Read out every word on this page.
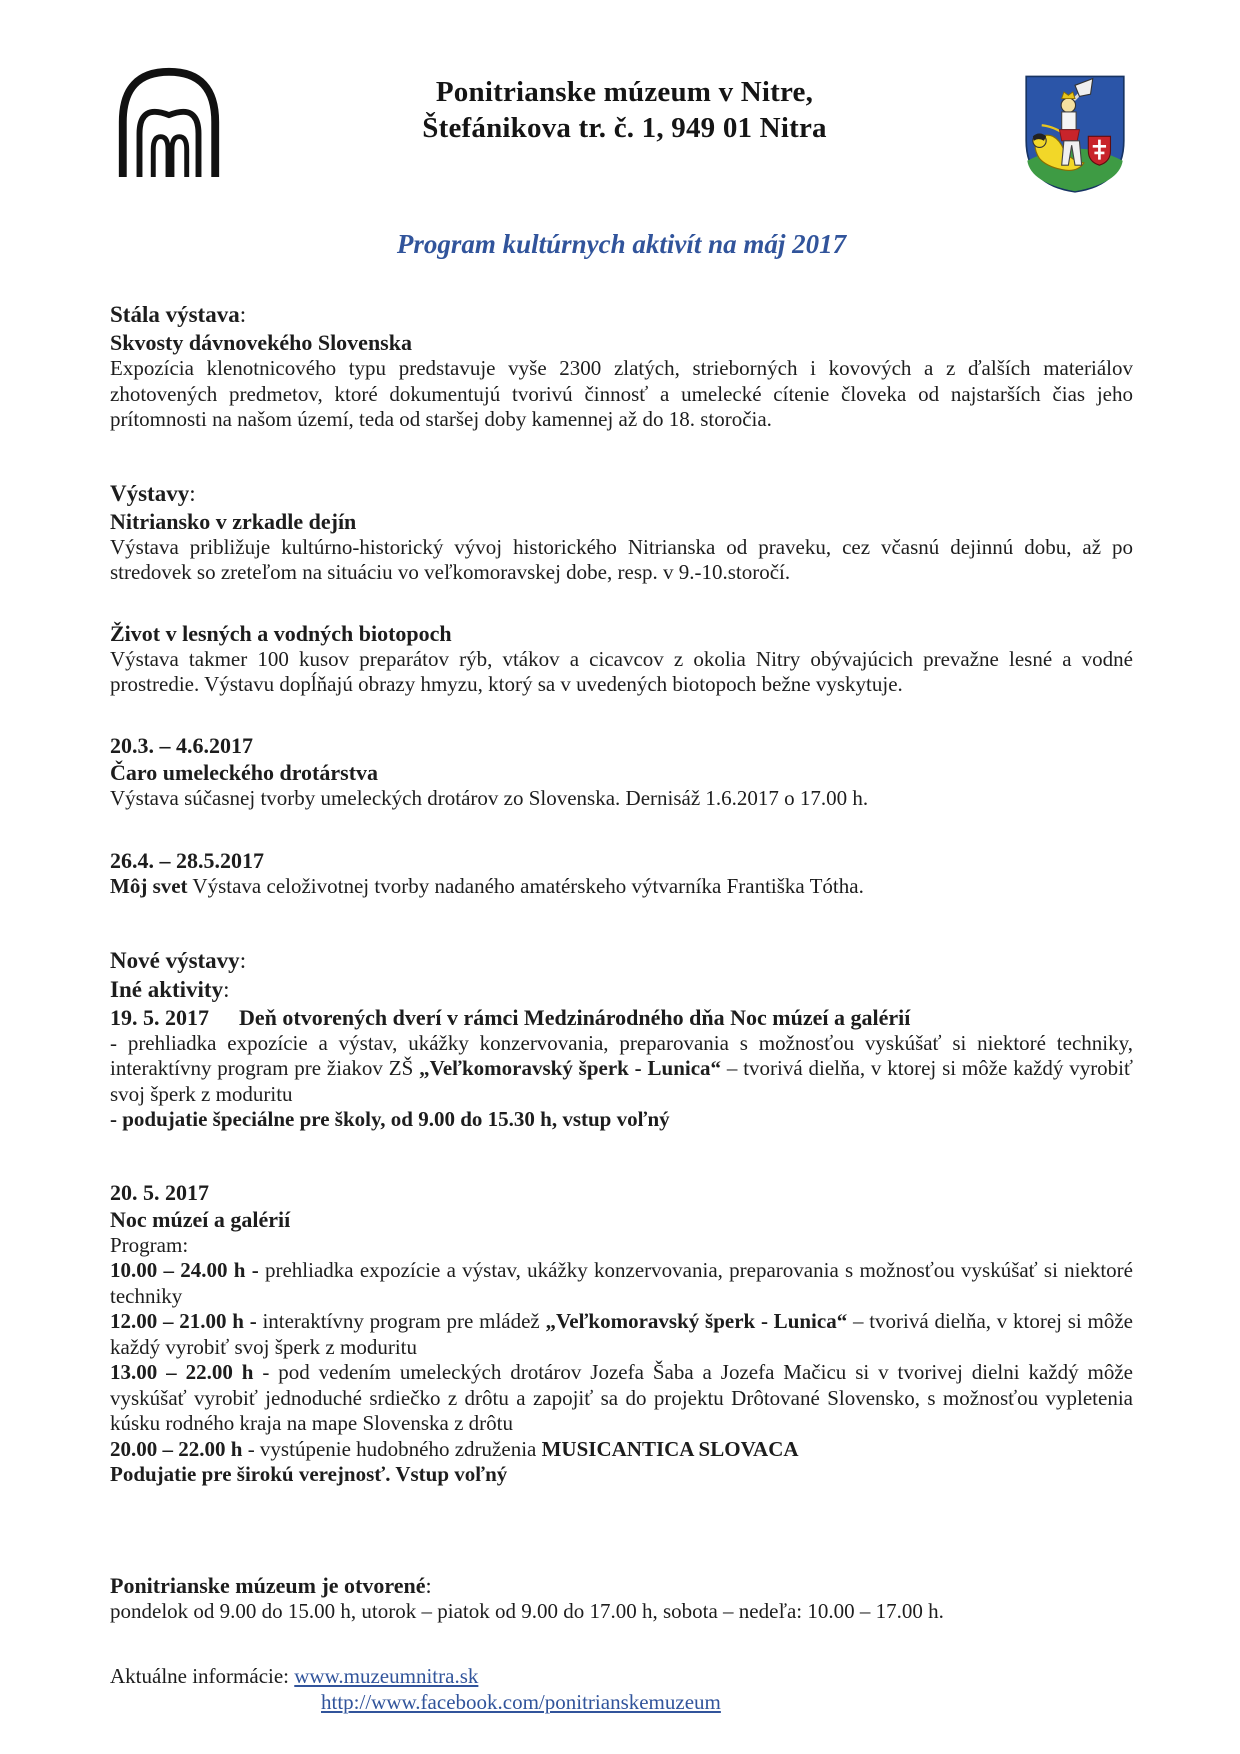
Ponitrianske múzeum v Nitre,
Štefánikova tr. č. 1, 949 01 Nitra
Program kultúrnych aktivít na máj 2017

Stála výstava:

Skvosty dávnovekého Slovenska

Expozícia klenotnicového typu predstavuje vyše 2300 zlatých, strieborných i kovových a z ďalších materiálov zhotovených predmetov, ktoré dokumentujú tvorivú činnosť a umelecké cítenie človeka od najstarších čias jeho prítomnosti na našom území, teda od staršej doby kamennej až do 18. storočia.

Výstavy:

Nitriansko v zrkadle dejín

Výstava približuje kultúrno-historický vývoj historického Nitrianska od praveku, cez včasnú dejinnú dobu, až po stredovek so zreteľom na situáciu vo veľkomoravskej dobe, resp. v 9.-10.storočí.

Život v lesných a vodných biotopoch

Výstava takmer 100 kusov preparátov rýb, vtákov a cicavcov z okolia Nitry obývajúcich prevažne lesné a vodné prostredie. Výstavu dopĺňajú obrazy hmyzu, ktorý sa v uvedených biotopoch bežne vyskytuje.

20.3. – 4.6.2017

Čaro umeleckého drotárstva

Výstava súčasnej tvorby umeleckých drotárov zo Slovenska. Dernisáž 1.6.2017 o 17.00 h.

26.4. – 28.5.2017

Môj svet Výstava celoživotnej tvorby nadaného amatérskeho výtvarníka Františka Tótha.

Nové výstavy:

Iné aktivity:

19. 5. 2017 Deň otvorených dverí v rámci Medzinárodného dňa Noc múzeí a galérií

- prehliadka expozície a výstav, ukážky konzervovania, preparovania s možnosťou vyskúšať si niektoré techniky, interaktívny program pre žiakov ZŠ „Veľkomoravský šperk - Lunica“ – tvorivá dielňa, v ktorej si môže každý vyrobiť svoj šperk z moduritu

- podujatie špeciálne pre školy, od 9.00 do 15.30 h, vstup voľný

20. 5. 2017

Noc múzeí a galérií

Program:

10.00 – 24.00 h - prehliadka expozície a výstav, ukážky konzervovania, preparovania s možnosťou vyskúšať si niektoré techniky

12.00 – 21.00 h - interaktívny program pre mládež „Veľkomoravský šperk - Lunica“ – tvorivá dielňa, v ktorej si môže každý vyrobiť svoj šperk z moduritu

13.00 – 22.00 h - pod vedením umeleckých drotárov Jozefa Šaba a Jozefa Mačicu si v tvorivej dielni každý môže vyskúšať vyrobiť jednoduché srdiečko z drôtu a zapojiť sa do projektu Drôtované Slovensko, s možnosťou vypletenia kúsku rodného kraja na mape Slovenska z drôtu

20.00 – 22.00 h - vystúpenie hudobného združenia MUSICANTICA SLOVACA

Podujatie pre širokú verejnosť. Vstup voľný

Ponitrianske múzeum je otvorené:

pondelok od 9.00 do 15.00 h, utorok – piatok od 9.00 do 17.00 h, sobota – nedeľa: 10.00 – 17.00 h.

Aktuálne informácie: www.muzeumnitra.sk

http://www.facebook.com/ponitrianskemuzeum
